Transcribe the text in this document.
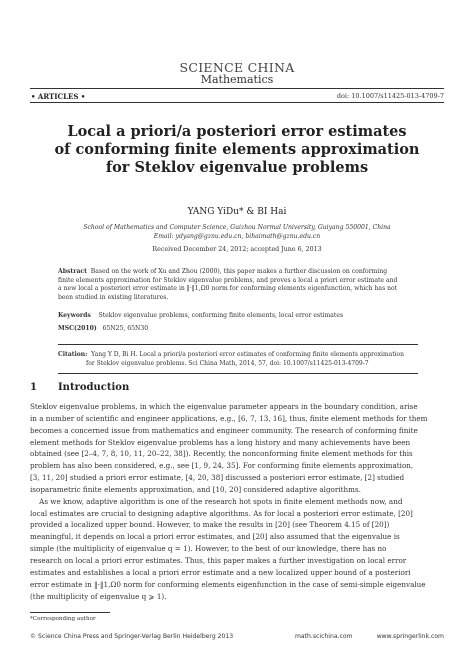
SCIENCE CHINA
Mathematics
• ARTICLES •	doi: 10.1007/s11425-013-4709-7
Local a priori/a posteriori error estimates
of conforming finite elements approximation
for Steklov eigenvalue problems
YANG YiDu* & BI Hai
School of Mathematics and Computer Science, Guizhou Normal University, Guiyang 550001, China
Email: ydyang@gznu.edu.cn, bihaimath@gznu.edu.cn
Received December 24, 2012; accepted June 6, 2013
Abstract Based on the work of Xu and Zhou (2000), this paper makes a further discussion on conforming
finite elements approximation for Steklov eigenvalue problems, and proves a local a priori error estimate and
a new local a posteriori error estimate in ‖·‖1,Ω0 norm for conforming elements eigenfunction, which has not
been studied in existing literatures.
Keywords Steklov eigenvalue problems, conforming finite elements, local error estimates
MSC(2010) 65N25, 65N30
Citation: Yang Y D, Bi H. Local a priori/a posteriori error estimates of conforming finite elements approximation
for Steklov eigenvalue problems. Sci China Math, 2014, 57, doi: 10.1007/s11425-013-4709-7
1 Introduction
Steklov eigenvalue problems, in which the eigenvalue parameter appears in the boundary condition, arise
in a number of scientific and engineer applications, e.g., [6, 7, 13, 16], thus, finite element methods for them
becomes a concerned issue from mathematics and engineer community. The research of conforming finite
element methods for Steklov eigenvalue problems has a long history and many achievements have been
obtained (see [2–4, 7, 8, 10, 11, 20–22, 38]). Recently, the nonconforming finite element methods for this
problem has also been considered, e.g., see [1, 9, 24, 35]. For conforming finite elements approximation,
[3, 11, 20] studied a priori error estimate, [4, 20, 38] discussed a posteriori error estimate, [2] studied
isoparametric finite elements approximation, and [10, 20] considered adaptive algorithms.
As we know, adaptive algorithm is one of the research hot spots in finite element methods now, and
local estimates are crucial to designing adaptive algorithms. As for local a posteriori error estimate, [20]
provided a localized upper bound. However, to make the results in [20] (see Theorem 4.15 of [20])
meaningful, it depends on local a priori error estimates, and [20] also assumed that the eigenvalue is
simple (the multiplicity of eigenvalue q = 1). However, to the best of our knowledge, there has no
research on local a priori error estimates. Thus, this paper makes a further investigation on local error
estimates and establishes a local a priori error estimate and a new localized upper bound of a posteriori
error estimate in ‖·‖1,Ω0 norm for conforming elements eigenfunction in the case of semi-simple eigenvalue
(the multiplicity of eigenvalue q ⩾ 1).
*Corresponding author
© Science China Press and Springer-Verlag Berlin Heidelberg 2013	math.scichina.com	www.springerlink.com
